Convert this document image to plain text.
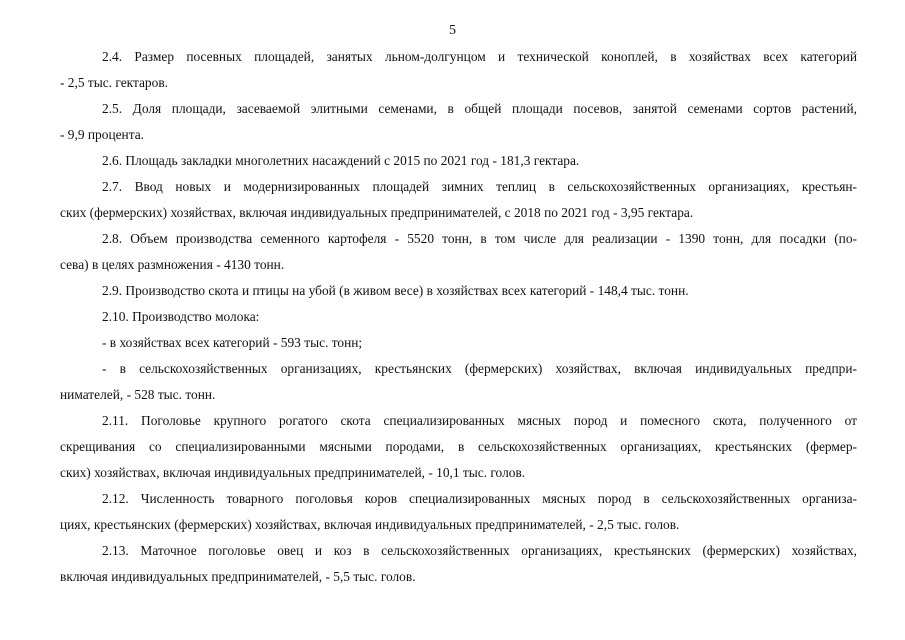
5
2.4. Размер посевных площадей, занятых льном-долгунцом и технической коноплей, в хозяйствах всех категорий
- 2,5 тыс. гектаров.
2.5. Доля площади, засеваемой элитными семенами, в общей площади посевов, занятой семенами сортов растений,
- 9,9 процента.
2.6. Площадь закладки многолетних насаждений с 2015 по 2021 год - 181,3 гектара.
2.7. Ввод новых и модернизированных площадей зимних теплиц в сельскохозяйственных организациях, крестьян-
ских (фермерских) хозяйствах, включая индивидуальных предпринимателей, с 2018 по 2021 год - 3,95 гектара.
2.8. Объем производства семенного картофеля - 5520 тонн, в том числе для реализации - 1390 тонн, для посадки (по-
сева) в целях размножения - 4130 тонн.
2.9. Производство скота и птицы на убой (в живом весе) в хозяйствах всех категорий - 148,4 тыс. тонн.
2.10. Производство молока:
- в хозяйствах всех категорий - 593 тыс. тонн;
- в сельскохозяйственных организациях, крестьянских (фермерских) хозяйствах, включая индивидуальных предпри-
нимателей, - 528 тыс. тонн.
2.11. Поголовье крупного рогатого скота специализированных мясных пород и помесного скота, полученного от
скрещивания со специализированными мясными породами, в сельскохозяйственных организациях, крестьянских (фермер-
ских) хозяйствах, включая индивидуальных предпринимателей, - 10,1 тыс. голов.
2.12. Численность товарного поголовья коров специализированных мясных пород в сельскохозяйственных организа-
циях, крестьянских (фермерских) хозяйствах, включая индивидуальных предпринимателей, - 2,5 тыс. голов.
2.13. Маточное поголовье овец и коз в сельскохозяйственных организациях, крестьянских (фермерских) хозяйствах,
включая индивидуальных предпринимателей, - 5,5 тыс. голов.
